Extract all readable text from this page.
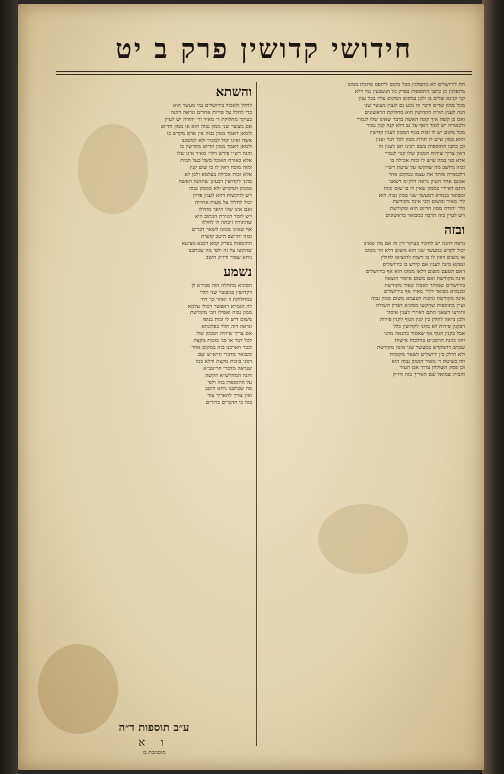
חידושי קדושין פרק ב יט
חת לירושלים לא מתפלגין מכל מקום ליתפס מחמת ממונו
מתפלגין כן כתבו התוספות בפרק כל הנשבעין נמי דלא
קני קנינא שלים בו ולכן במקום המקום עליו בכל ענין
מכל ממון שדים ודבר זה נוגע גם לענין מעשר שני
הנה לענין תורת הקדושין הוא מחלוקת הראשונים
ואם כן קשה איך קונה האשה בדבר שאינו שלו לגמרי
ולכאורה יש לומר דאף על גב דלא קנה קנין גמור
מכל מקום יש לו זכות בגוף הממון לענין קדושין
והוא ממון שיש לו תורת ממון לכל דבר וענין
וכן כתבו התוספות בשם רבינו תם לענין זה
דאין צריך שיהיה הממון שלו קנוי לגמרי
אלא סגי במה שיש לו זכות אכילה בו
ובזה מיושב מה שהקשו על שיטת רש״י
דלכאורה סותר את עצמו במקום אחר
אמנם אחר העיון נראה דלק״מ דשאני
התם דאיירי בממון שאין לו בו שום זכות
ומבואר בגמרא דמעשר שני ממון גבוה הוא
לר׳ מאיר ומשום הכי אינה מקודשת
ולר׳ יהודה ממון הדיוט הוא ומקודשת
ויש לעיין בזה הרבה כמבואר בראשונים
ובזה
נראה דהנה יש לחקור בעיקר דין זה אם מה שאינו
יכול לקדש במעשר שני הוא משום דלא הוי ממונו
או משום דאין לו בו רשות להוציאו לחולין
ונפקא מינה לענין אם קידש בו בירושלים
דאם הטעם משום דלאו ממונו הוא אף בירושלים
אינה מקודשת ואם משום איסור הוצאה
בירושלים שמותר לאכלו שפיר מקודשת
ובגמרא מבואר דלר׳ מאיר אף בירושלים
אינה מקודשת ומוכח דטעמא משום ממון גבוה
ועיין בתוספות שהקשו מסוגיא דפרק השולח
ותירצו דשאני התם דאיירי לענין איסור
ולכן נראה לחלק בין קנין הגוף לקנין פירות
דבקנין פירות לא מהני לקדושין כלל
אבל בקנין הגוף אף שאסור בהנאה מהני
וזהו כוונת הרמב״ם בהלכות אישות
שכתב דהמקדש במעשר שני אינה מקודשת
ולא חילק בין ירושלים לשאר מקומות
וזה כשיטת ר׳ מאיר דממון גבוה הוא
וכן פסק השולחן ערוך אבן העזר
והבית שמואל שם האריך בזה ודו״ק
והשתא
לחלל ולאכול בירושלים נמי מעשר הוא
כדי לחלל על פירות אחרים ונראה דהנה
בעיקר מחלוקת ר׳ מאיר ור׳ יהודה יש לעיין
אם מעשר שני ממון גבוה הוא או ממון הדיוט
ולמאן דאמר ממון גבוה אין אדם מקדש בו
אשה ואינו יכול למכרו ולא למשכנו
ולמאן דאמר ממון הדיוט מקדשין בו
והנה רש״י פירש דלר׳ מאיר אינו שלו
אלא כאורח האוכל משל בעל הבית
ומזה מוכח דאין לו בו שום קנין
אלא זכות אכילה בעלמא ולכן לא
מהני לקדושין דבעינן שתהנה האשה
מממון המקדש ולא מממון גבוה
ויש להקשות דהא לענין פדיון
יכול לחללו על מעות אחרות
ואם אינו שלו היאך מחללו
ויש לומר דגזירת הכתוב היא
שהתורה זיכתה לו לחללו
אף שאינו ממונו לשאר דברים
ובזה יתיישב היטב קושית
התוספות בפרק קמא דבבא מציעא
שהקשו על זה ולפי מה שכתבנו
ניחא שפיר ודו״ק היטב
נשמע
הסוגיא מתחלה הוה סבירא לן
דקדושין במעשר שני תלוי
במחלוקת זו ואחר כך דחי
לה הגמרא דאפשר דכולי עלמא
ממון גבוה ואפילו הכי מקודשת
משום דיש לו זכות בגופו
ונראה דזה תלוי בפלוגתא
אם צריך שיהיה הממון שלו
לכל דבר או סגי בזכות מקצת
וכבר הארכנו בזה במקום אחר
ומבואר מדברי הרא״ש שם
דסגי בזכות מקצת ודלא כמו
שנראה מדברי הריטב״א
והנה המהרש״א הקשה
על התוספות בזה ולפי
מה שכתבנו ניחא היטב
ואין צורך להאריך עוד
בזה כי הדברים ברורים
ע״ב תוספות ד״ה
ו א
מוסמכת בו
